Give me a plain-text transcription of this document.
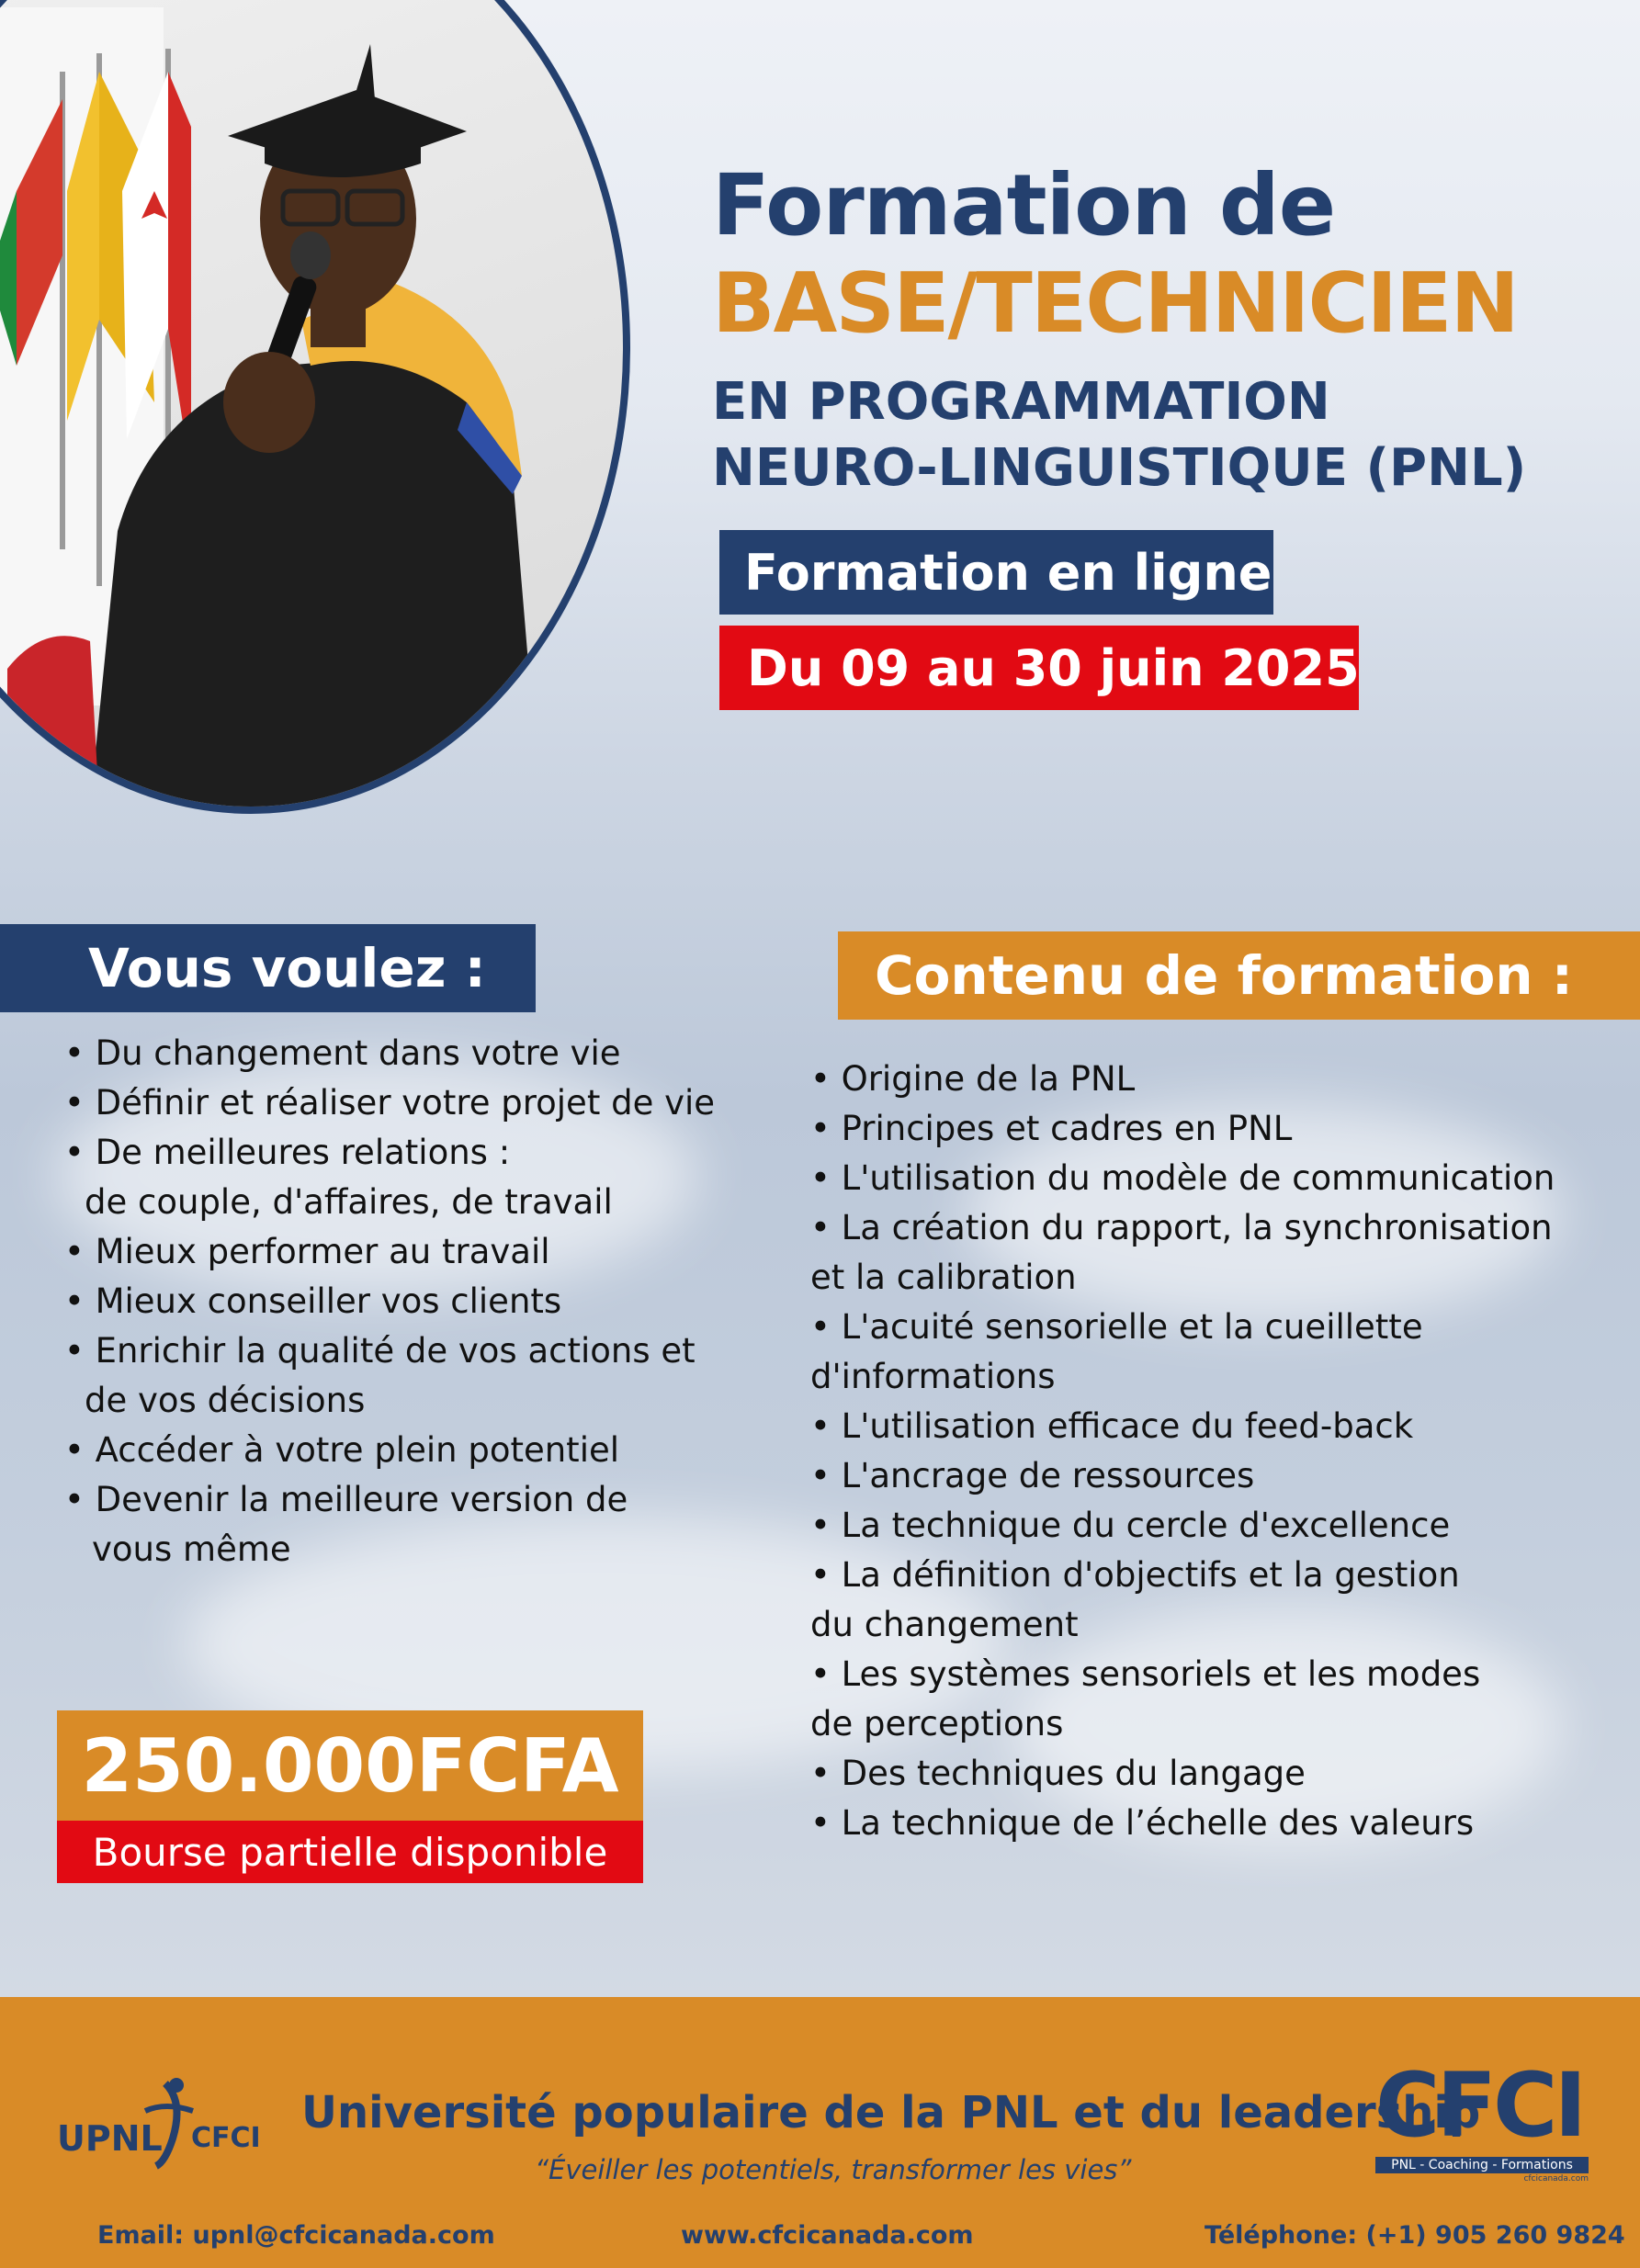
Formation de
BASE/TECHNICIEN
EN PROGRAMMATION
NEURO-LINGUISTIQUE (PNL)
Formation en ligne
Du 09 au 30 juin 2025
Vous voulez :
• Du changement dans votre vie
• Définir et réaliser votre projet de vie
• De meilleures relations :
de couple, d'affaires, de travail
• Mieux performer au travail
• Mieux conseiller vos clients
• Enrichir la qualité de vos actions et
de vos décisions
• Accéder à votre plein potentiel
• Devenir la meilleure version de
vous même
Contenu de formation :
• Origine de la PNL
• Principes et cadres en PNL
• L'utilisation du modèle de communication
• La création du rapport, la synchronisation
et la calibration
• L'acuité sensorielle et la cueillette
d'informations
• L'utilisation efficace du feed-back
• L'ancrage de ressources
• La technique du cercle d'excellence
• La définition d'objectifs et la gestion
du changement
• Les systèmes sensoriels et les modes
de perceptions
• Des techniques du langage
• La technique de l’échelle des valeurs
250.000FCFA
Bourse partielle disponible
UPNL CFCI Université populaire de la PNL et du leadership
“Éveiller les potentiels, transformer les vies”
CFCI
PNL - Coaching - Formations
cfcicanada.com
Email: upnl@cfcicanada.com	www.cfcicanada.com	Téléphone: (+1) 905 260 9824
